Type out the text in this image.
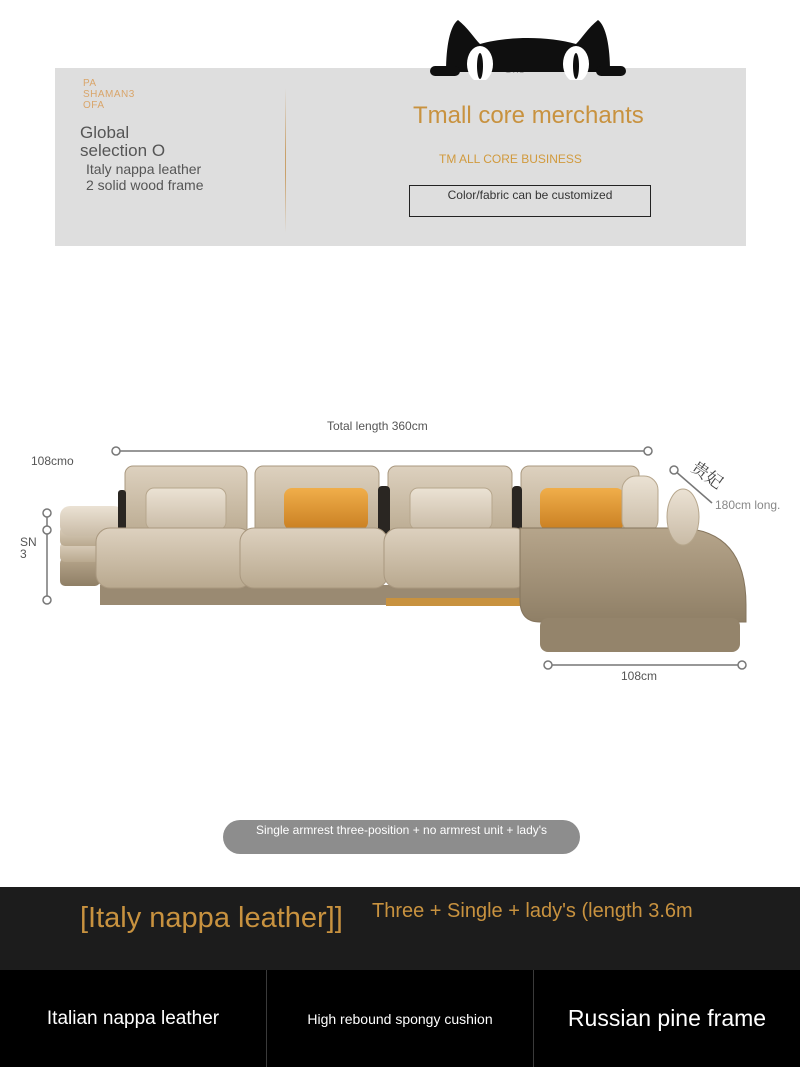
PA
SHAMAN3
OFA
Global
selection O
Italy nappa leather
2 solid wood frame
Tmall core merchants
TM ALL CORE BUSINESS
Color/fabric can be customized
贵妃
Total length 360cm
108cmo
SN
3
180cm long.
108cm
Single armrest three-position + no armrest unit + lady's
[Italy nappa leather]] Three + Single + lady's (length 3.6m
Italian nappa leather	High rebound spongy cushion	Russian pine frame
